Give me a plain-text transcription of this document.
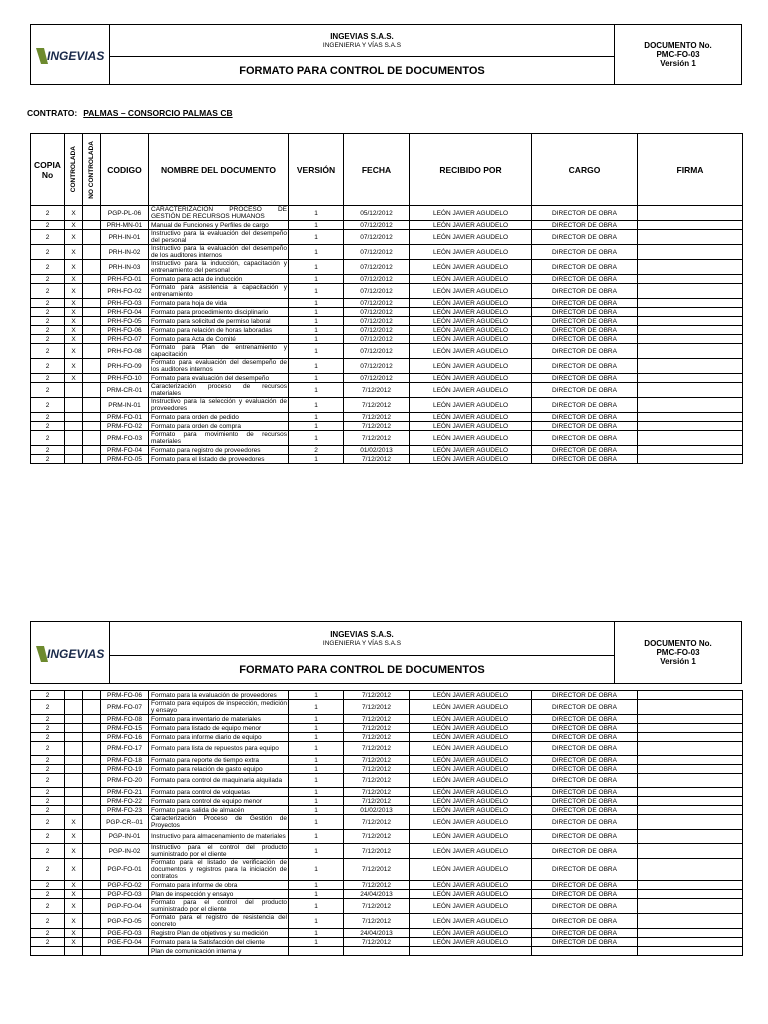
INGEVIAS

INGEVIAS S.A.S.
INGENIERIA Y VÍAS S.A.S	DOCUMENTO No.
PMC-FO-03
Versión 1

FORMATO PARA CONTROL DE DOCUMENTOS
CONTRATO: PALMAS – CONSORCIO PALMAS CB
COPIA No	CONTROLADA	NO CONTROLADA	CODIGO	NOMBRE DEL DOCUMENTO	VERSIÓN	FECHA	RECIBIDO POR	CARGO	FIRMA
2	X		PGP-PL-06	CARACTERIZACIÓN PROCESO DE GESTIÓN DE RECURSOS HUMANOS	1	05/12/2012	LEÓN JAVIER AGUDELO	DIRECTOR DE OBRA	
2	X		PRH-MN-01	Manual de Funciones y Perfiles de cargo	1	07/12/2012	LEÓN JAVIER AGUDELO	DIRECTOR DE OBRA	
2	X		PRH-IN-01	Instructivo para la evaluación del desempeño del personal	1	07/12/2012	LEÓN JAVIER AGUDELO	DIRECTOR DE OBRA	
2	X		PRH-IN-02	Instructivo para la evaluación del desempeño de los auditores internos	1	07/12/2012	LEÓN JAVIER AGUDELO	DIRECTOR DE OBRA	
2	X		PRH-IN-03	Instructivo para la inducción, capacitación y entrenamiento del personal	1	07/12/2012	LEÓN JAVIER AGUDELO	DIRECTOR DE OBRA	
2	X		PRH-FO-01	Formato para acta de inducción	1	07/12/2012	LEÓN JAVIER AGUDELO	DIRECTOR DE OBRA	
2	X		PRH-FO-02	Formato para asistencia a capacitación y entrenamiento	1	07/12/2012	LEÓN JAVIER AGUDELO	DIRECTOR DE OBRA	
2	X		PRH-FO-03	Formato para hoja de vida	1	07/12/2012	LEÓN JAVIER AGUDELO	DIRECTOR DE OBRA	
2	X		PRH-FO-04	Formato para procedimiento disciplinario	1	07/12/2012	LEÓN JAVIER AGUDELO	DIRECTOR DE OBRA	
2	X		PRH-FO-05	Formato para solicitud de permiso laboral	1	07/12/2012	LEÓN JAVIER AGUDELO	DIRECTOR DE OBRA	
2	X		PRH-FO-06	Formato para relación de horas laboradas	1	07/12/2012	LEÓN JAVIER AGUDELO	DIRECTOR DE OBRA	
2	X		PRH-FO-07	Formato para Acta de Comité	1	07/12/2012	LEÓN JAVIER AGUDELO	DIRECTOR DE OBRA	
2	X		PRH-FO-08	Formato para Plan de entrenamiento y capacitación	1	07/12/2012	LEÓN JAVIER AGUDELO	DIRECTOR DE OBRA	
2	X		PRH-FO-09	Formato para evaluación del desempeño de los auditores internos	1	07/12/2012	LEÓN JAVIER AGUDELO	DIRECTOR DE OBRA	
2	X		PRH-FO-10	Formato para evaluación del desempeño	1	07/12/2012	LEÓN JAVIER AGUDELO	DIRECTOR DE OBRA	
2			PRM-CR-01	Caracterización proceso de recursos materiales	1	7/12/2012	LEÓN JAVIER AGUDELO	DIRECTOR DE OBRA	
2			PRM-IN-01	Instructivo para la selección y evaluación de proveedores	1	7/12/2012	LEÓN JAVIER AGUDELO	DIRECTOR DE OBRA	
2			PRM-FO-01	Formato para orden de pedido	1	7/12/2012	LEÓN JAVIER AGUDELO	DIRECTOR DE OBRA	
2			PRM-FO-02	Formato para orden de compra	1	7/12/2012	LEÓN JAVIER AGUDELO	DIRECTOR DE OBRA	
2			PRM-FO-03	Formato para movimiento de recursos materiales	1	7/12/2012	LEÓN JAVIER AGUDELO	DIRECTOR DE OBRA	
2			PRM-FO-04	Formato para registro de proveedores	2	01/02/2013	LEÓN JAVIER AGUDELO	DIRECTOR DE OBRA	
2			PRM-FO-05	Formato para el listado de proveedores	1	7/12/2012	LEÓN JAVIER AGUDELO	DIRECTOR DE OBRA	
INGEVIAS

INGEVIAS S.A.S.
INGENIERIA Y VÍAS S.A.S	DOCUMENTO No.
PMC-FO-03
Versión 1

FORMATO PARA CONTROL DE DOCUMENTOS
2			PRM-FO-06	Formato para la evaluación de proveedores	1	7/12/2012	LEÓN JAVIER AGUDELO	DIRECTOR DE OBRA	
2			PRM-FO-07	Formato para equipos de inspección, medición y ensayo	1	7/12/2012	LEÓN JAVIER AGUDELO	DIRECTOR DE OBRA	
2			PRM-FO-08	Formato para inventario de materiales	1	7/12/2012	LEÓN JAVIER AGUDELO	DIRECTOR DE OBRA	
2			PRM-FO-15	Formato para listado de equipo menor	1	7/12/2012	LEÓN JAVIER AGUDELO	DIRECTOR DE OBRA	
2			PRM-FO-16	Formato para informe diario de equipo	1	7/12/2012	LEÓN JAVIER AGUDELO	DIRECTOR DE OBRA	
2			PRM-FO-17	Formato para lista de repuestos para equipo	1	7/12/2012	LEÓN JAVIER AGUDELO	DIRECTOR DE OBRA	
2			PRM-FO-18	Formato para reporte de tiempo extra	1	7/12/2012	LEÓN JAVIER AGUDELO	DIRECTOR DE OBRA	
2			PRM-FO-19	Formato para relación de gasto equipo	1	7/12/2012	LEÓN JAVIER AGUDELO	DIRECTOR DE OBRA	
2			PRM-FO-20	Formato para control de maquinaria alquilada	1	7/12/2012	LEÓN JAVIER AGUDELO	DIRECTOR DE OBRA	
2			PRM-FO-21	Formato para control de volquetas	1	7/12/2012	LEÓN JAVIER AGUDELO	DIRECTOR DE OBRA	
2			PRM-FO-22	Formato para control de equipo menor	1	7/12/2012	LEÓN JAVIER AGUDELO	DIRECTOR DE OBRA	
2			PRM-FO-23	Formato para salida de almacén	1	01/02/2013	LEÓN JAVIER AGUDELO	DIRECTOR DE OBRA	
2	X		PGP-CR--01	Caracterización Proceso de Gestión de Proyectos	1	7/12/2012	LEÓN JAVIER AGUDELO	DIRECTOR DE OBRA	
2	X		PGP-IN-01	Instructivo para almacenamiento de materiales	1	7/12/2012	LEÓN JAVIER AGUDELO	DIRECTOR DE OBRA	
2	X		PGP-IN-02	Instructivo para el control del producto suministrado por el cliente	1	7/12/2012	LEÓN JAVIER AGUDELO	DIRECTOR DE OBRA	
2	X		PGP-FO-01	Formato para el listado de verificación de documentos y registros para la iniciación de contratos	1	7/12/2012	LEÓN JAVIER AGUDELO	DIRECTOR DE OBRA	
2	X		PGP-FO-02	Formato para informe de obra	1	7/12/2012	LEÓN JAVIER AGUDELO	DIRECTOR DE OBRA	
2	X		PGP-FO-03	Plan de inspección y ensayo	1	24/04/2013	LEÓN JAVIER AGUDELO	DIRECTOR DE OBRA	
2	X		PGP-FO-04	Formato para el control del producto suministrado por el cliente	1	7/12/2012	LEÓN JAVIER AGUDELO	DIRECTOR DE OBRA	
2	X		PGP-FO-05	Formato para el registro de resistencia del concreto	1	7/12/2012	LEÓN JAVIER AGUDELO	DIRECTOR DE OBRA	
2	X		PGE-FO-03	Registro Plan de objetivos y su medición	1	24/04/2013	LEÓN JAVIER AGUDELO	DIRECTOR DE OBRA	
2	X		PGE-FO-04	Formato para la Satisfacción del cliente	1	7/12/2012	LEÓN JAVIER AGUDELO	DIRECTOR DE OBRA	
				Plan de comunicación interna y					
